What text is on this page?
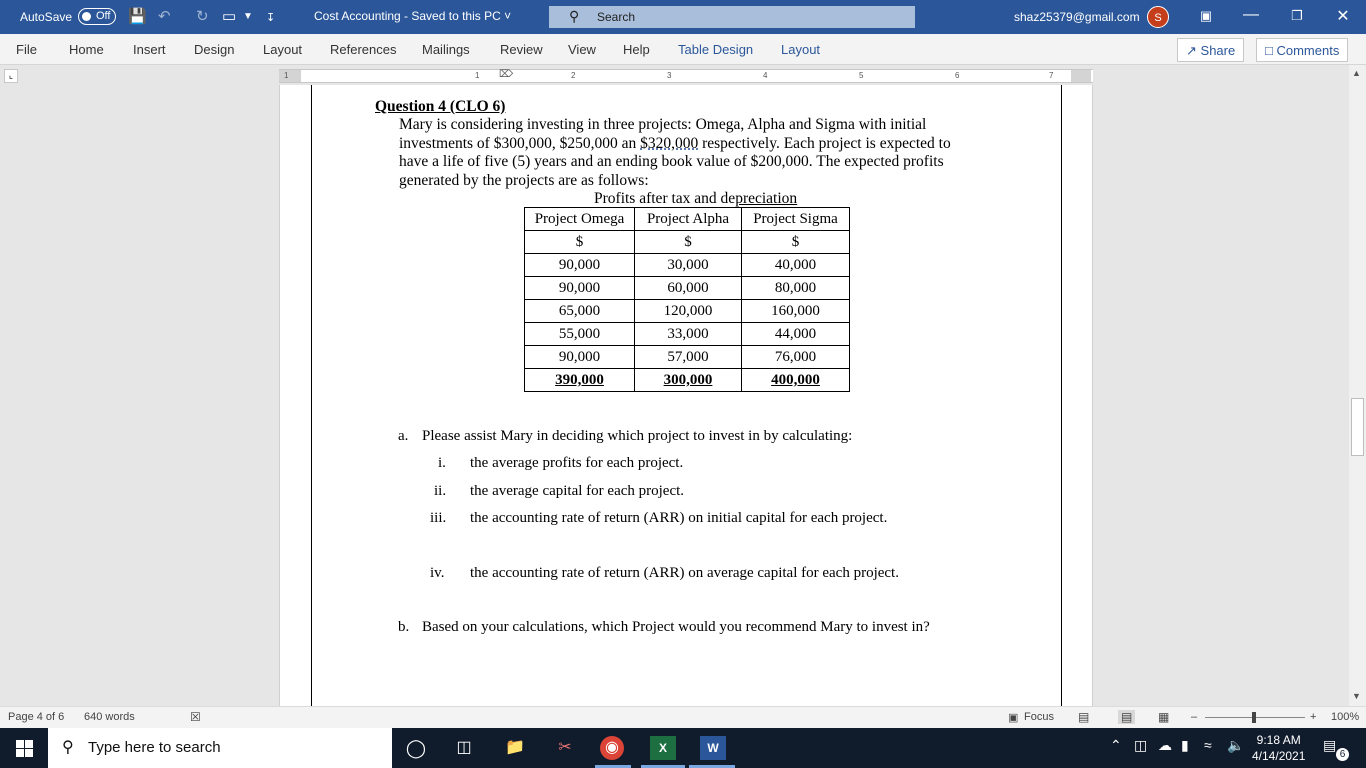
AutoSave Off 💾 ↶ ↻ ▭ ▼ ↧	Cost Accounting - Saved to this PC ˅	⚲ Search	shaz25379@gmail.com	S	▣ —	❐ ✕
File Home Insert Design Layout References Mailings Review View Help Table Design Layout	↗ Share	□ Comments
⌞	1	1	2	3	4	5	6	7
⌦
Question 4 (CLO 6)
Mary is considering investing in three projects: Omega, Alpha and Sigma with initial investments of $300,000, $250,000 an $320,000 respectively. Each project is expected to have a life of five (5) years and an ending book value of $200,000. The expected profits generated by the projects are as follows:
Profits after tax and depreciation
Project Omega	Project Alpha	Project Sigma
$	$	$
90,000	30,000	40,000
90,000	60,000	80,000
65,000	120,000	160,000
55,000	33,000	44,000
90,000	57,000	76,000
390,000	300,000	400,000
a. Please assist Mary in deciding which project to invest in by calculating:
i. the average profits for each project.
ii. the average capital for each project.
iii. the accounting rate of return (ARR) on initial capital for each project.
iv. the accounting rate of return (ARR) on average capital for each project.
b. Based on your calculations, which Project would you recommend Mary to invest in?
▲
▼
Page 4 of 6 640 words	☒	▣ Focus ▤	▤ ▦ –	+ 100%
⚲ Type here to search	◯	◫	📁	✂	◉	X	W	⌃ ◫ ☁ ▮ ≈ 🔈	9:18 AM
4/14/2021
▤
6
